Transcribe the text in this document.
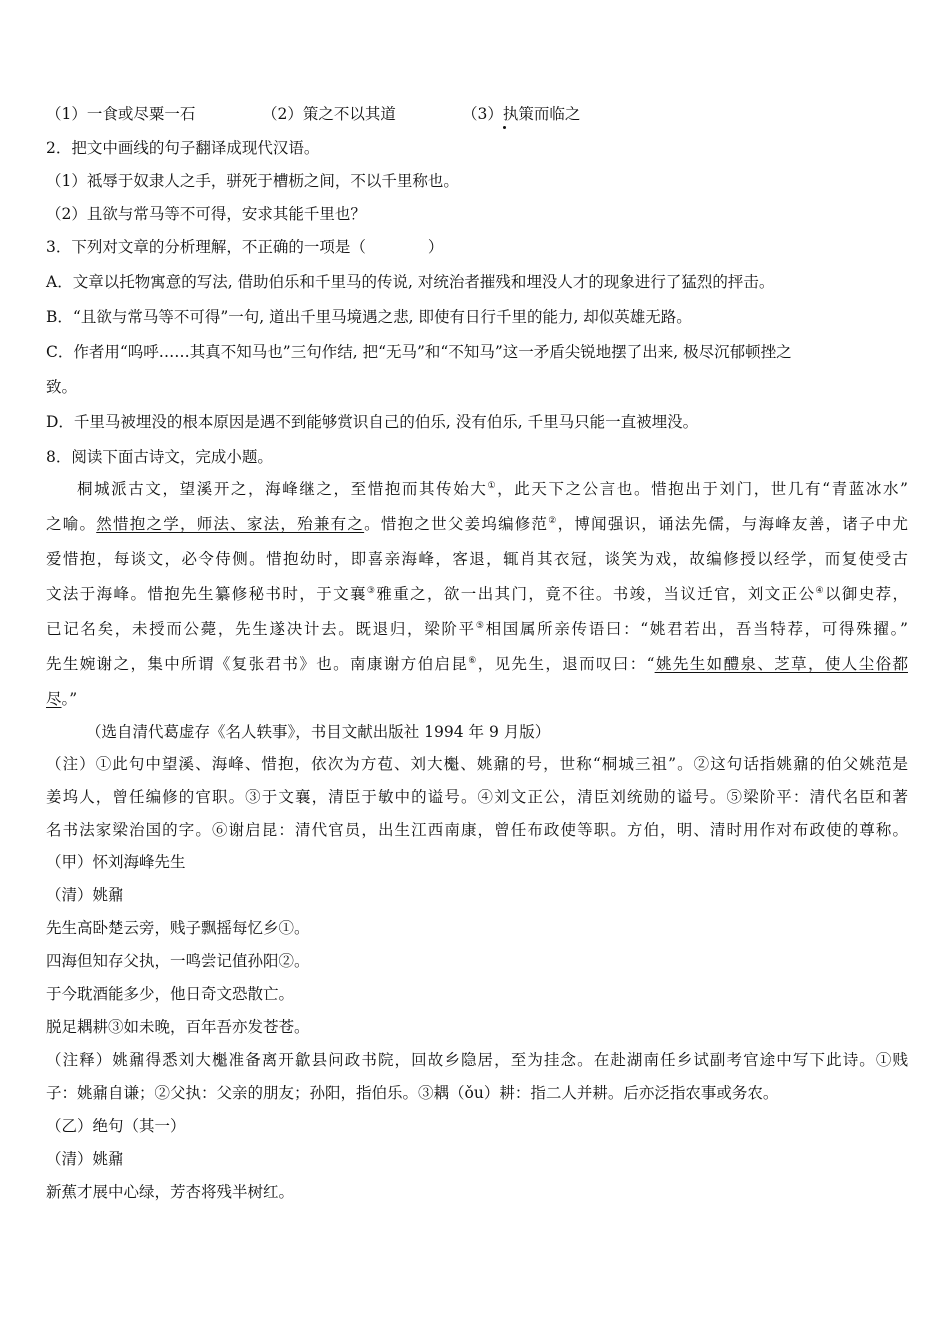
（1）一食或尽粟一石	（2）策之不以其道	（3） 执 策而临之

2．把文中画线的句子翻译成现代汉语。

（1）祗辱于奴隶人之手，骈死于槽枥之间，不以千里称也。

（2）且欲与常马等不可得，安求其能千里也？

3．下列对文章的分析理解，不正确的一项是（　　　　）

A．文章以托物寓意的写法, 借助伯乐和千里马的传说, 对统治者摧残和埋没人才的现象进行了猛烈的抨击。

B．“且欲与常马等不可得”一句, 道出千里马境遇之悲, 即使有日行千里的能力, 却似英雄无路。

C．作者用“呜呼……其真不知马也”三句作结, 把“无马”和“不知马”这一矛盾尖锐地摆了出来, 极尽沉郁顿挫之

致。

D．千里马被埋没的根本原因是遇不到能够赏识自己的伯乐, 没有伯乐, 千里马只能一直被埋没。

8．阅读下面古诗文，完成小题。

桐城派古文，望溪开之，海峰继之，至惜抱而其传始大①，此天下之公言也。惜抱出于刘门，世几有“青蓝冰水”

之喻。然惜抱之学，师法、家法，殆兼有之。惜抱之世父姜坞编修范②，博闻强识，诵法先儒，与海峰友善，诸子中尤

爱惜抱，每谈文，必令侍侧。惜抱幼时，即喜亲海峰，客退，辄肖其衣冠，谈笑为戏，故编修授以经学，而复使受古

文法于海峰。惜抱先生纂修秘书时，于文襄③雅重之，欲一出其门，竟不往。书竣，当议迁官，刘文正公④以御史荐，

已记名矣，未授而公薨，先生遂决计去。既退归，梁阶平⑤相国属所亲传语曰：“姚君若出，吾当特荐，可得殊擢。”

先生婉谢之，集中所谓《复张君书》也。南康谢方伯启昆⑥，见先生，退而叹曰：“姚先生如醴泉、芝草，使人尘俗都

尽。”

（选自清代葛虚存《名人轶事》，书目文献出版社 1994 年 9 月版）

（注）①此句中望溪、海峰、惜抱，依次为方苞、刘大櫆、姚鼐的号，世称“桐城三祖”。②这句话指姚鼐的伯父姚范是

姜坞人，曾任编修的官职。③于文襄，清臣于敏中的谥号。④刘文正公，清臣刘统勋的谥号。⑤梁阶平：清代名臣和著

名书法家梁治国的字。⑥谢启昆：清代官员，出生江西南康，曾任布政使等职。方伯，明、清时用作对布政使的尊称。

（甲）怀刘海峰先生

（清）姚鼐

先生高卧楚云旁，贱子飘摇每忆乡①。

四海但知存父执，一鸣尝记值孙阳②。

于今耽酒能多少，他日奇文恐散亡。

脱足耦耕③如未晚，百年吾亦发苍苍。

（注释）姚鼐得悉刘大櫆准备离开歙县问政书院，回故乡隐居，至为挂念。在赴湖南任乡试副考官途中写下此诗。①贱

子：姚鼐自谦；②父执：父亲的朋友；孙阳，指伯乐。③耦（ǒu）耕：指二人并耕。后亦泛指农事或务农。

（乙）绝句（其一）

（清）姚鼐

新蕉才展中心绿，芳杏将残半树红。
